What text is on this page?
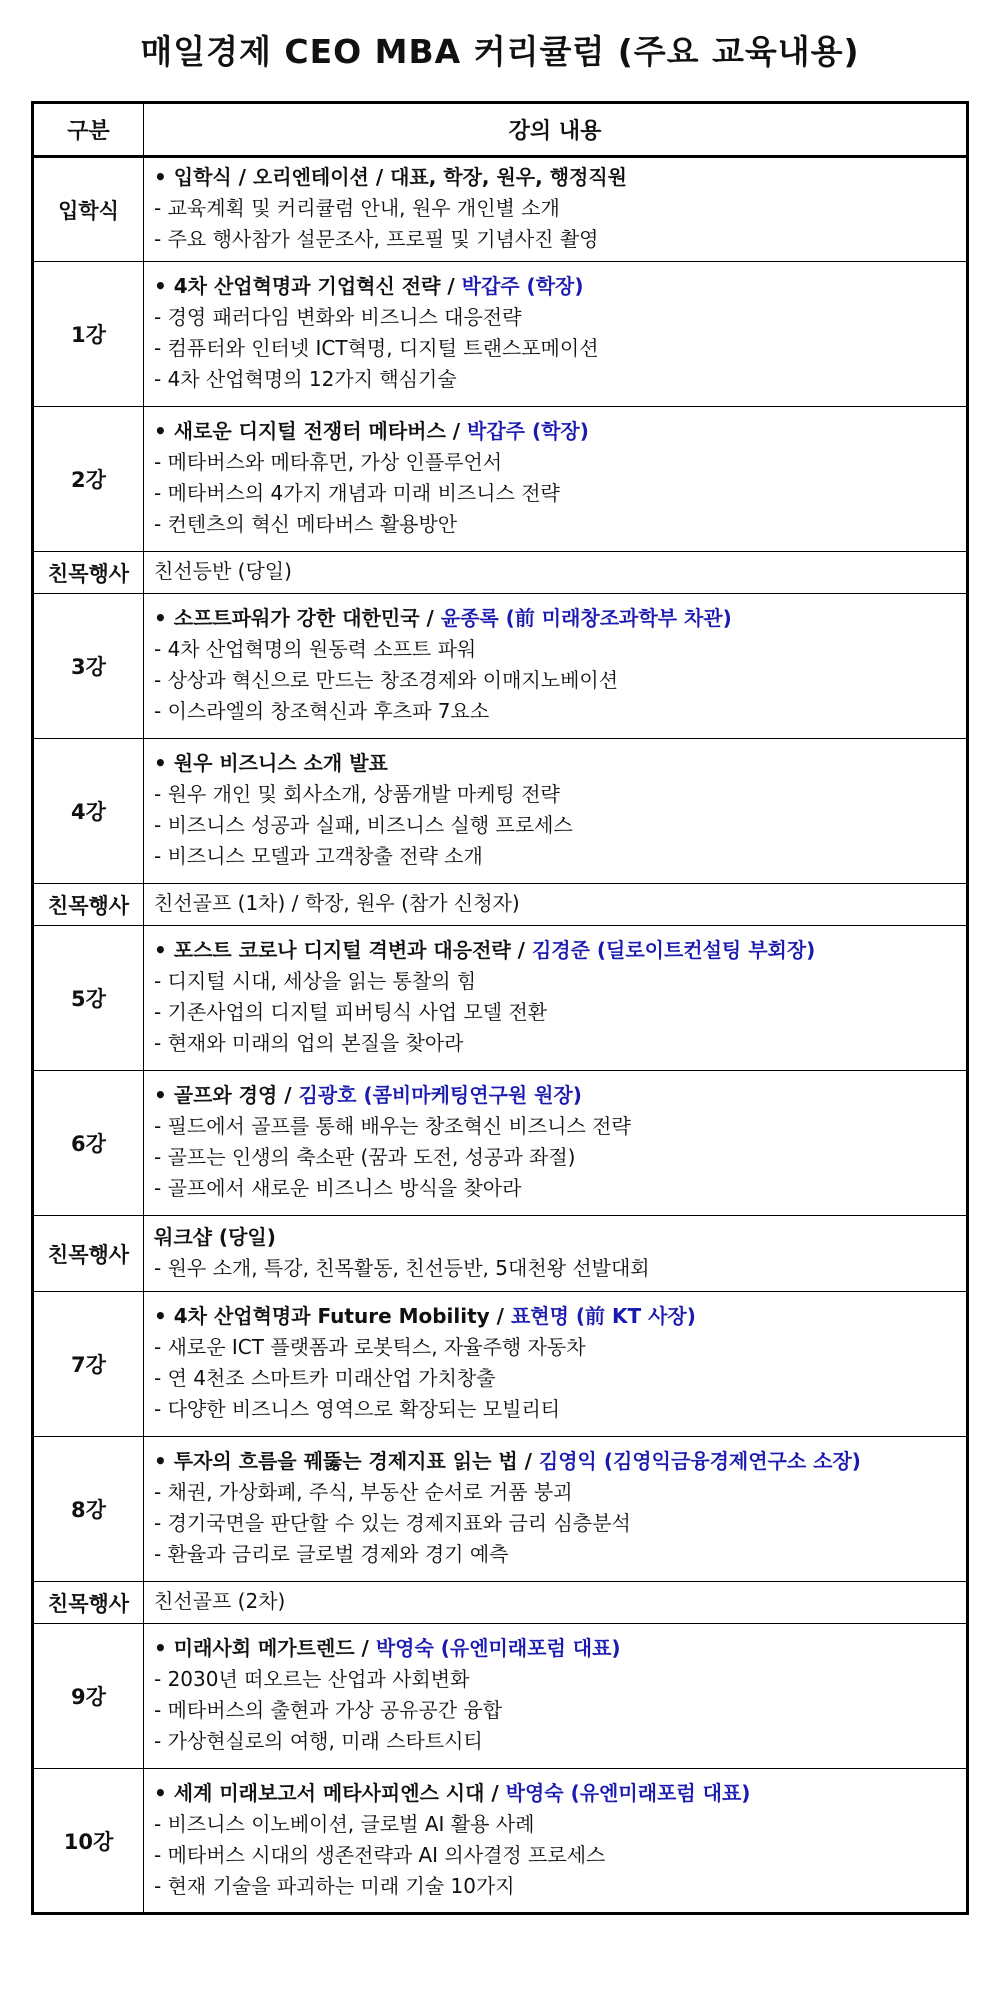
매일경제 CEO MBA 커리큘럼 (주요 교육내용)
구분	강의 내용
입학식	• 입학식 / 오리엔테이션 / 대표, 학장, 원우, 행정직원
- 교육계획 및 커리큘럼 안내, 원우 개인별 소개
- 주요 행사참가 설문조사, 프로필 및 기념사진 촬영

1강	• 4차 산업혁명과 기업혁신 전략 / 박갑주 (학장)
- 경영 패러다임 변화와 비즈니스 대응전략
- 컴퓨터와 인터넷 ICT혁명, 디지털 트랜스포메이션
- 4차 산업혁명의 12가지 핵심기술

2강	• 새로운 디지털 전쟁터 메타버스 / 박갑주 (학장)
- 메타버스와 메타휴먼, 가상 인플루언서
- 메타버스의 4가지 개념과 미래 비즈니스 전략
- 컨텐츠의 혁신 메타버스 활용방안

친목행사	친선등반 (당일)

3강	• 소프트파워가 강한 대한민국 / 윤종록 (前 미래창조과학부 차관)
- 4차 산업혁명의 원동력 소프트 파워
- 상상과 혁신으로 만드는 창조경제와 이매지노베이션
- 이스라엘의 창조혁신과 후츠파 7요소

4강	• 원우 비즈니스 소개 발표
- 원우 개인 및 회사소개, 상품개발 마케팅 전략
- 비즈니스 성공과 실패, 비즈니스 실행 프로세스
- 비즈니스 모델과 고객창출 전략 소개

친목행사	친선골프 (1차) / 학장, 원우 (참가 신청자)

5강	• 포스트 코로나 디지털 격변과 대응전략 / 김경준 (딜로이트컨설팅 부회장)
- 디지털 시대, 세상을 읽는 통찰의 힘
- 기존사업의 디지털 피버팅식 사업 모델 전환
- 현재와 미래의 업의 본질을 찾아라

6강	• 골프와 경영 / 김광호 (콤비마케팅연구원 원장)
- 필드에서 골프를 통해 배우는 창조혁신 비즈니스 전략
- 골프는 인생의 축소판 (꿈과 도전, 성공과 좌절)
- 골프에서 새로운 비즈니스 방식을 찾아라

친목행사	워크샵 (당일)
- 원우 소개, 특강, 친목활동, 친선등반, 5대천왕 선발대회

7강	• 4차 산업혁명과 Future Mobility / 표현명 (前 KT 사장)
- 새로운 ICT 플랫폼과 로봇틱스, 자율주행 자동차
- 연 4천조 스마트카 미래산업 가치창출
- 다양한 비즈니스 영역으로 확장되는 모빌리티

8강	• 투자의 흐름을 꿰뚫는 경제지표 읽는 법 / 김영익 (김영익금융경제연구소 소장)
- 채권, 가상화폐, 주식, 부동산 순서로 거품 붕괴
- 경기국면을 판단할 수 있는 경제지표와 금리 심층분석
- 환율과 금리로 글로벌 경제와 경기 예측

친목행사	친선골프 (2차)

9강	• 미래사회 메가트렌드 / 박영숙 (유엔미래포럼 대표)
- 2030년 떠오르는 산업과 사회변화
- 메타버스의 출현과 가상 공유공간 융합
- 가상현실로의 여행, 미래 스타트시티

10강	• 세계 미래보고서 메타사피엔스 시대 / 박영숙 (유엔미래포럼 대표)
- 비즈니스 이노베이션, 글로벌 AI 활용 사례
- 메타버스 시대의 생존전략과 AI 의사결정 프로세스
- 현재 기술을 파괴하는 미래 기술 10가지
